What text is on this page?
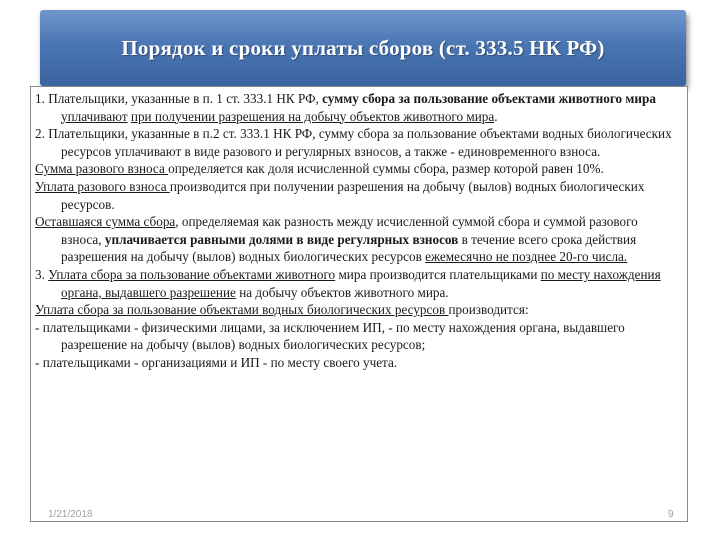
Порядок и сроки уплаты сборов (ст. 333.5 НК РФ)

1. Плательщики, указанные в п. 1 ст. 333.1 НК РФ, сумму сбора за пользование объектами животного мира уплачивают при получении разрешения на добычу объектов животного мира.

2. Плательщики, указанные в п.2 ст. 333.1 НК РФ, сумму сбора за пользование объектами водных биологических ресурсов уплачивают в виде разового и регулярных взносов, а также - единовременного взноса.

Сумма разового взноса определяется как доля исчисленной суммы сбора, размер которой равен 10%.

Уплата разового взноса производится при получении разрешения на добычу (вылов) водных биологических ресурсов.

Оставшаяся сумма сбора, определяемая как разность между исчисленной суммой сбора и суммой разового взноса, уплачивается равными долями в виде регулярных взносов в течение всего срока действия разрешения на добычу (вылов) водных биологических ресурсов ежемесячно не позднее 20-го числа.

3. Уплата сбора за пользование объектами животного мира производится плательщиками по месту нахождения органа, выдавшего разрешение на добычу объектов животного мира.

Уплата сбора за пользование объектами водных биологических ресурсов производится:

- плательщиками - физическими лицами, за исключением ИП, - по месту нахождения органа, выдавшего разрешение на добычу (вылов) водных биологических ресурсов;

- плательщиками - организациями и ИП - по месту своего учета.

1/21/2018	9
